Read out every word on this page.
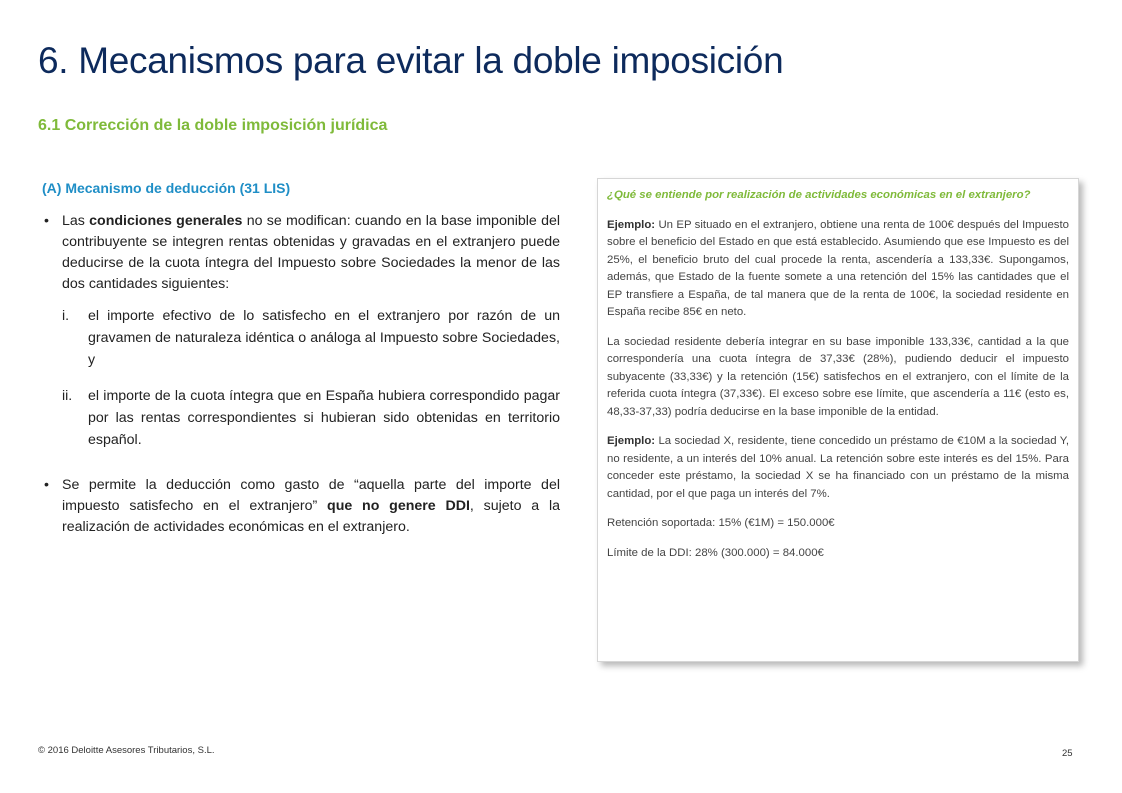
6. Mecanismos para evitar la doble imposición
6.1 Corrección de la doble imposición jurídica
(A) Mecanismo de deducción (31 LIS)
• Las condiciones generales no se modifican: cuando en la base imponible del contribuyente se integren rentas obtenidas y gravadas en el extranjero puede deducirse de la cuota íntegra del Impuesto sobre Sociedades la menor de las dos cantidades siguientes:
i.	el importe efectivo de lo satisfecho en el extranjero por razón de un gravamen de naturaleza idéntica o análoga al Impuesto sobre Sociedades, y
ii.	el importe de la cuota íntegra que en España hubiera correspondido pagar por las rentas correspondientes si hubieran sido obtenidas en territorio español.
• Se permite la deducción como gasto de “aquella parte del importe del impuesto satisfecho en el extranjero” que no genere DDI, sujeto a la realización de actividades económicas en el extranjero.

¿Qué se entiende por realización de actividades económicas en el extranjero?

Ejemplo: Un EP situado en el extranjero, obtiene una renta de 100€ después del Impuesto sobre el beneficio del Estado en que está establecido. Asumiendo que ese Impuesto es del 25%, el beneficio bruto del cual procede la renta, ascendería a 133,33€. Supongamos, además, que Estado de la fuente somete a una retención del 15% las cantidades que el EP transfiere a España, de tal manera que de la renta de 100€, la sociedad residente en España recibe 85€ en neto.

La sociedad residente debería integrar en su base imponible 133,33€, cantidad a la que correspondería una cuota íntegra de 37,33€ (28%), pudiendo deducir el impuesto subyacente (33,33€) y la retención (15€) satisfechos en el extranjero, con el límite de la referida cuota íntegra (37,33€). El exceso sobre ese límite, que ascendería a 11€ (esto es, 48,33-37,33) podría deducirse en la base imponible de la entidad.

Ejemplo: La sociedad X, residente, tiene concedido un préstamo de €10M a la sociedad Y, no residente, a un interés del 10% anual. La retención sobre este interés es del 15%. Para conceder este préstamo, la sociedad X se ha financiado con un préstamo de la misma cantidad, por el que paga un interés del 7%.

Retención soportada: 15% (€1M) = 150.000€

Límite de la DDI: 28% (300.000) = 84.000€

© 2016 Deloitte Asesores Tributarios, S.L.	25
